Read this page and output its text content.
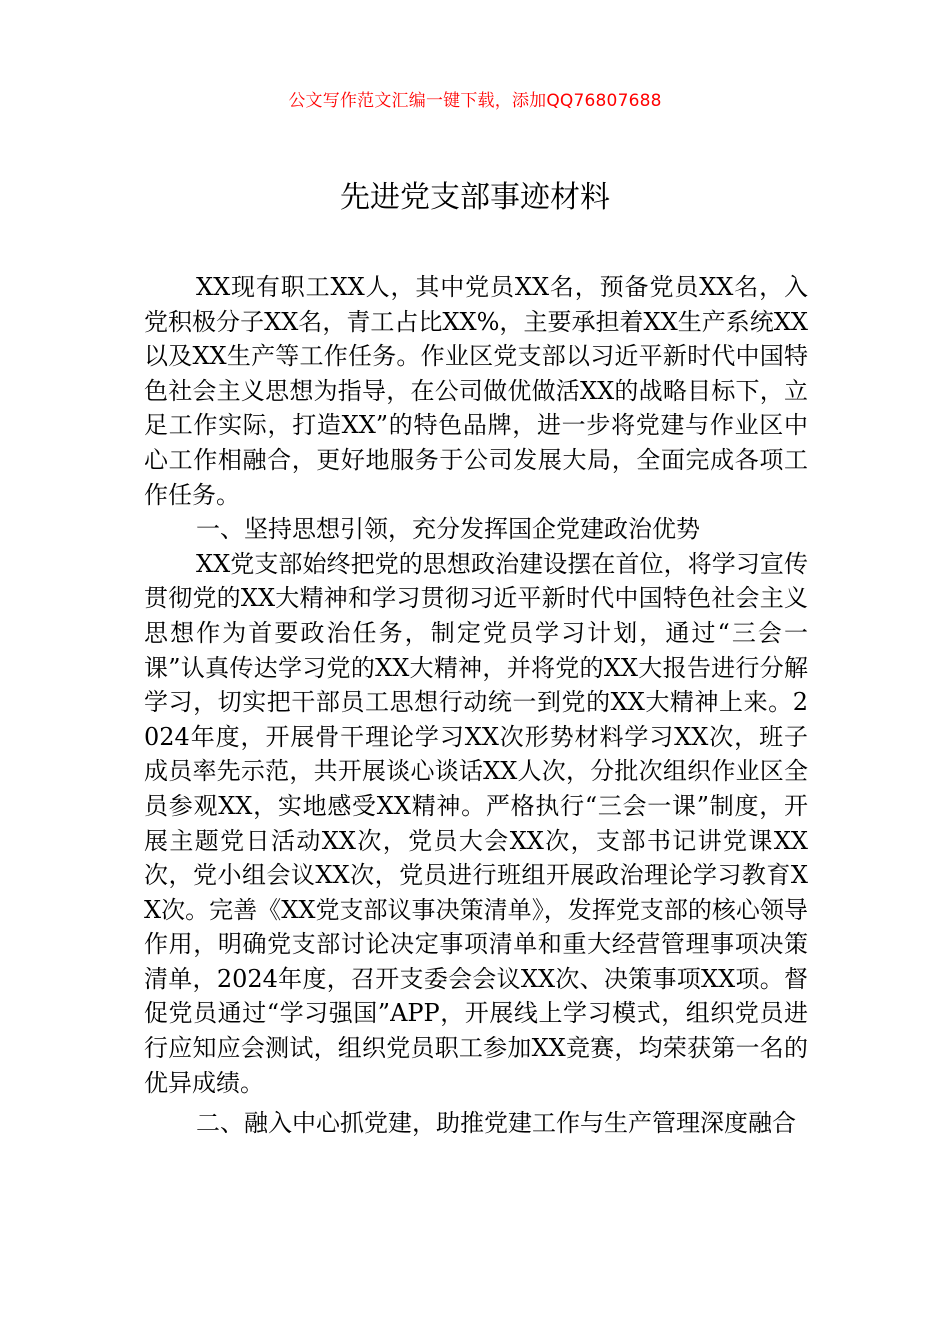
公文写作范文汇编一键下载，添加QQ76807688
先进党支部事迹材料

XX现有职工XX人，其中党员XX名，预备党员XX名，入党积极分子XX名，青工占比XX%，主要承担着XX生产系统XX以及XX生产等工作任务。作业区党支部以习近平新时代中国特色社会主义思想为指导，在公司做优做活XX的战略目标下，立足工作实际，打造XX”的特色品牌，进一步将党建与作业区中心工作相融合，更好地服务于公司发展大局，全面完成各项工作任务。

一、坚持思想引领，充分发挥国企党建政治优势

XX党支部始终把党的思想政治建设摆在首位，将学习宣传贯彻党的XX大精神和学习贯彻习近平新时代中国特色社会主义思想作为首要政治任务，制定党员学习计划，通过“三会一课”认真传达学习党的XX大精神，并将党的XX大报告进行分解学习，切实把干部员工思想行动统一到党的XX大精神上来。2024年度，开展骨干理论学习XX次形势材料学习XX次，班子成员率先示范，共开展谈心谈话XX人次，分批次组织作业区全员参观XX，实地感受XX精神。严格执行“三会一课”制度，开展主题党日活动XX次，党员大会XX次，支部书记讲党课XX次，党小组会议XX次，党员进行班组开展政治理论学习教育XX次。完善《XX党支部议事决策清单》，发挥党支部的核心领导作用，明确党支部讨论决定事项清单和重大经营管理事项决策清单，2024年度，召开支委会会议XX次、决策事项XX项。督促党员通过“学习强国”APP，开展线上学习模式，组织党员进行应知应会测试，组织党员职工参加XX竞赛，均荣获第一名的优异成绩。

二、融入中心抓党建，助推党建工作与生产管理深度融合
